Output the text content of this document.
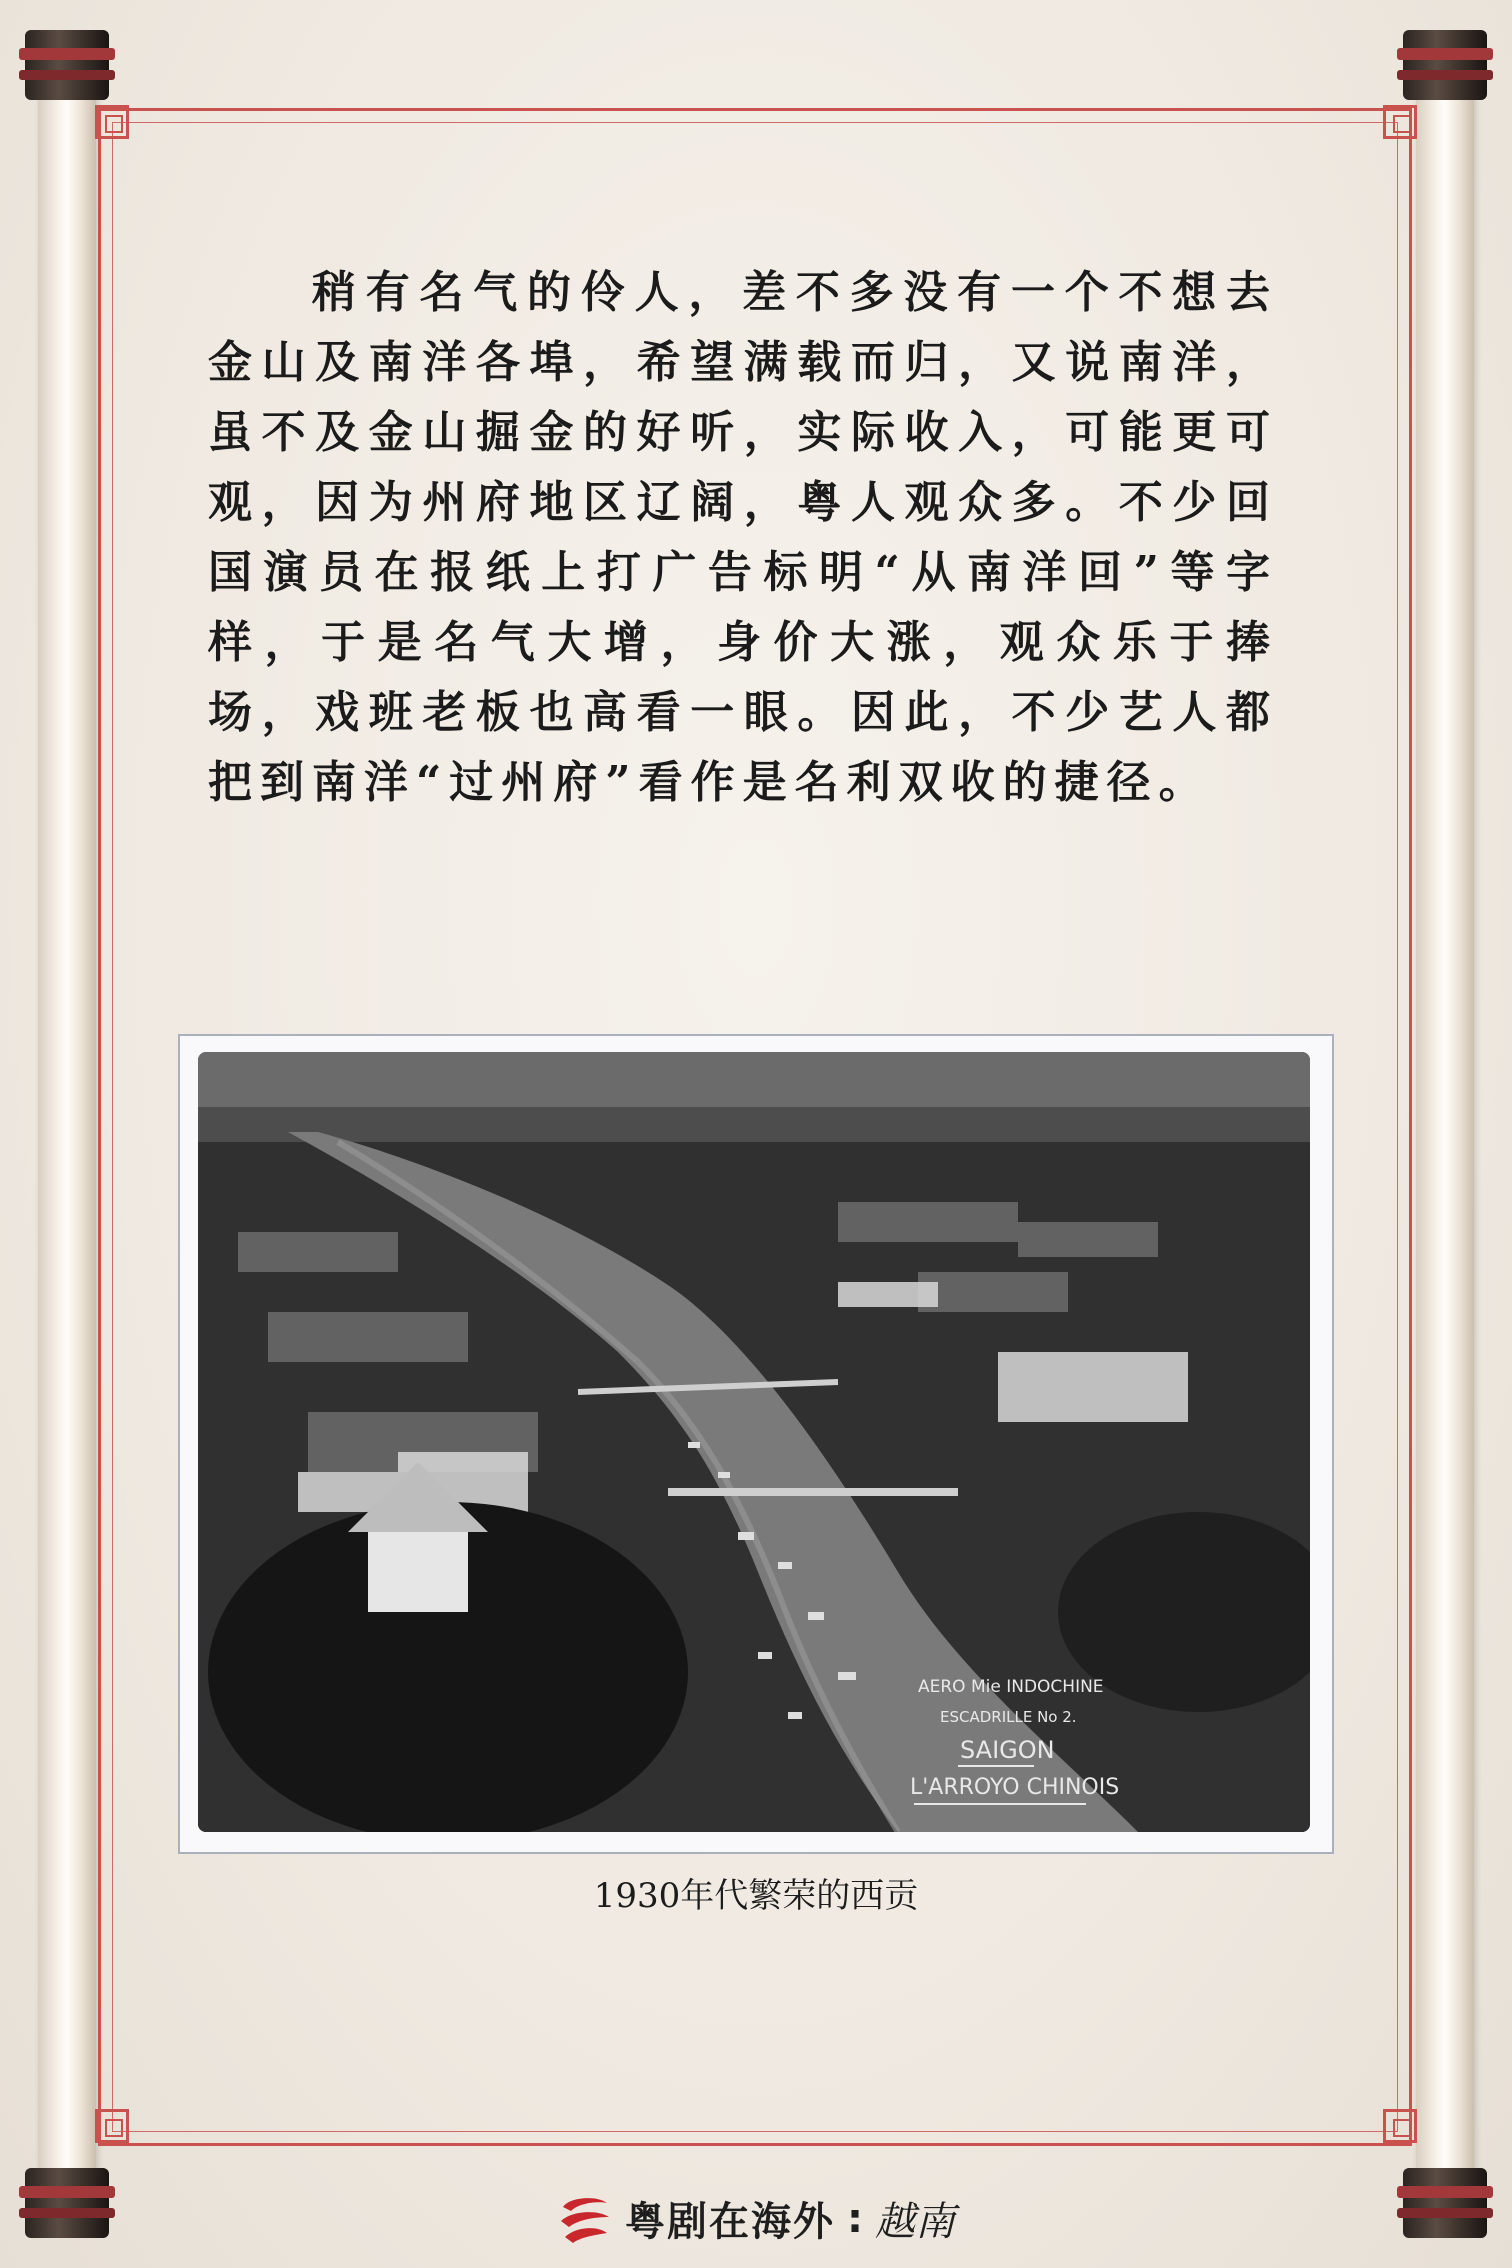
稍有名气的伶人，差不多没有一个不想去金山及南洋各埠，希望满载而归，又说南洋，虽不及金山掘金的好听，实际收入，可能更可观，因为州府地区辽阔，粤人观众多。不少回国演员在报纸上打广告标明“从南洋回”等字样，于是名气大增，身价大涨，观众乐于捧场，戏班老板也高看一眼。因此，不少艺人都把到南洋“过州府”看作是名利双收的捷径。

AERO Mie INDOCHINE
ESCADRILLE No 2.
SAIGON
L'ARROYO CHINOIS
1930年代繁荣的西贡
粤剧在海外 : 越南
